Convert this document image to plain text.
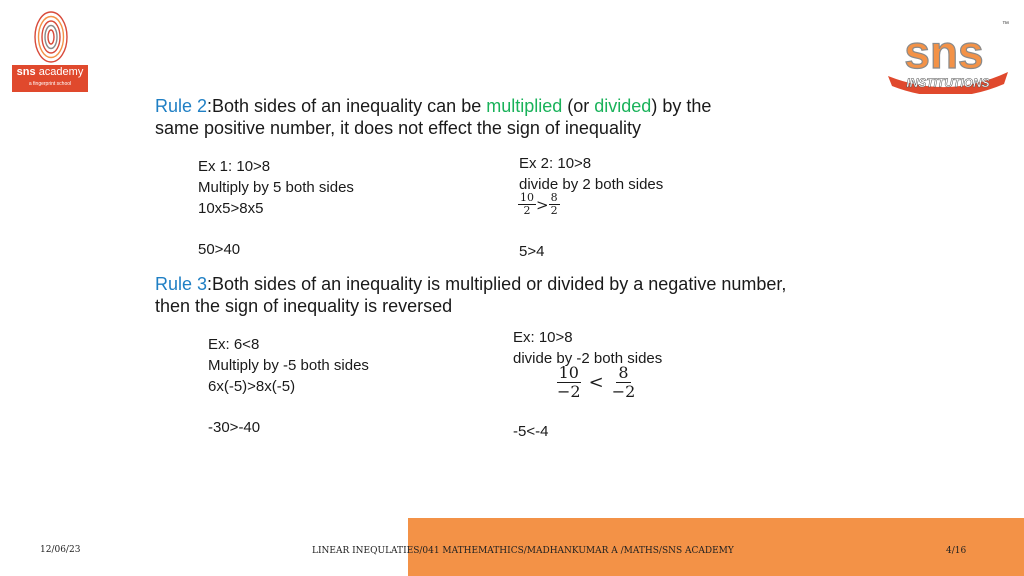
sns academy
a fingerprint school
sns
™
INSTITUTIONS
Rule 2:Both sides of an inequality can be multiplied (or divided) by the same positive number, it does not effect the sign of inequality
Ex 1: 10>8
Multiply by 5 both sides
10x5>8x5
50>40
Ex 2: 10>8
divide by 2 both sides
$\frac{10}{2} > \frac{8}{2}$
5>4
Rule 3:Both sides of an inequality is multiplied or divided by a negative number, then the sign of inequality is reversed
Ex: 6<8
Multiply by -5 both sides
6x(-5)>8x(-5)
-30>-40
Ex: 10>8
divide by -2 both sides
$\frac{10}{-2} < \frac{8}{-2}$
-5<-4
12/06/23	LINEAR INEQULATIES/041 MATHEMATHICS/MADHANKUMAR A /MATHS/SNS ACADEMY	4/16
